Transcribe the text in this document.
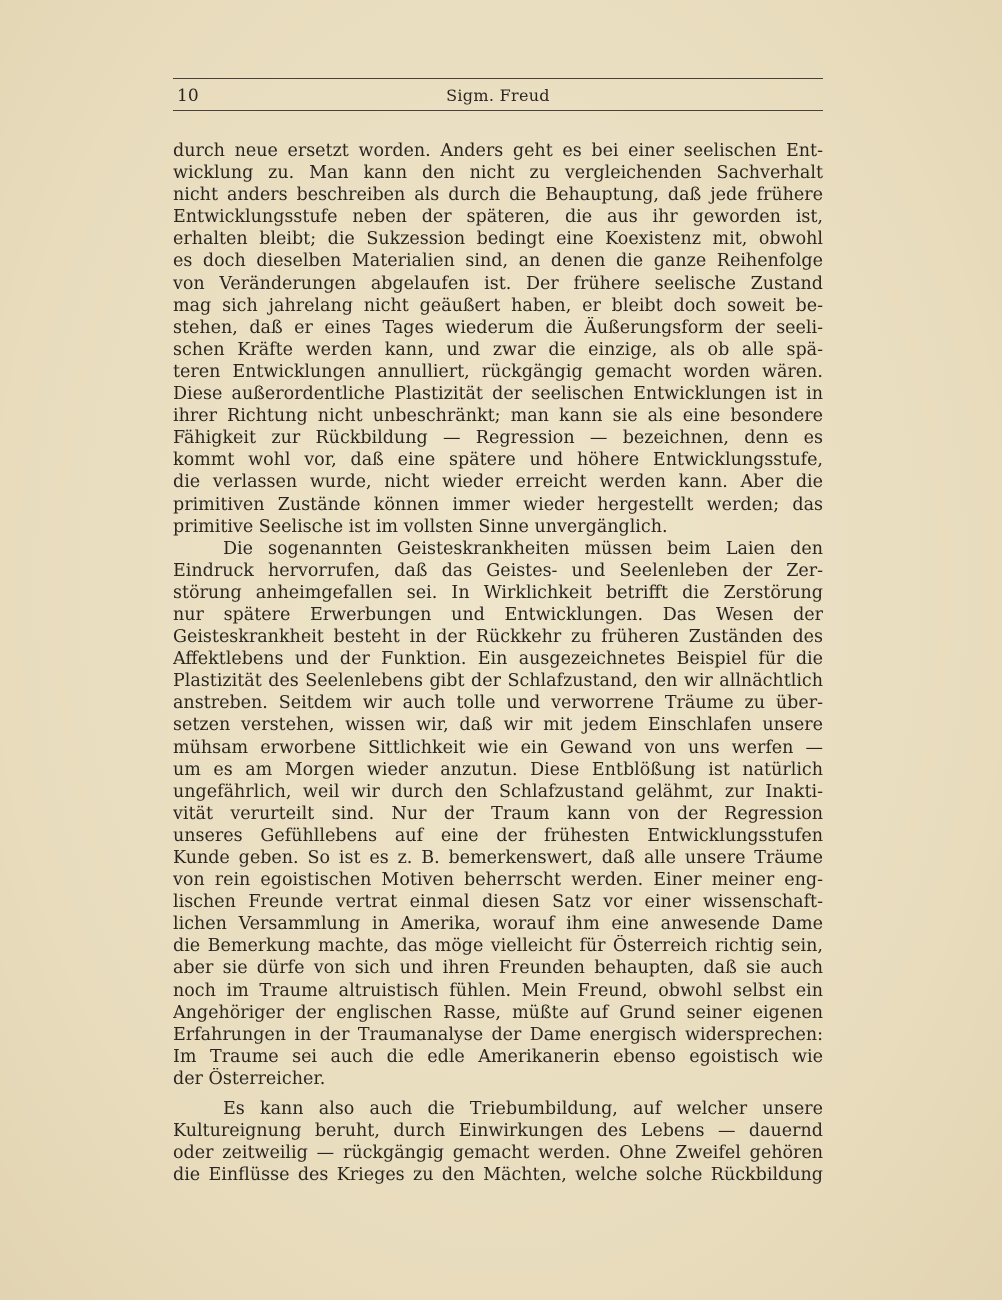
10	Sigm. Freud
durch neue ersetzt worden. Anders geht es bei einer seelischen Ent-
wicklung zu. Man kann den nicht zu vergleichenden Sachverhalt
nicht anders beschreiben als durch die Behauptung, daß jede frühere
Entwicklungsstufe neben der späteren, die aus ihr geworden ist,
erhalten bleibt; die Sukzession bedingt eine Koexistenz mit, obwohl
es doch dieselben Materialien sind, an denen die ganze Reihenfolge
von Veränderungen abgelaufen ist. Der frühere seelische Zustand
mag sich jahrelang nicht geäußert haben, er bleibt doch soweit be-
stehen, daß er eines Tages wiederum die Äußerungsform der seeli-
schen Kräfte werden kann, und zwar die einzige, als ob alle spä-
teren Entwicklungen annulliert, rückgängig gemacht worden wären.
Diese außerordentliche Plastizität der seelischen Entwicklungen ist in
ihrer Richtung nicht unbeschränkt; man kann sie als eine besondere
Fähigkeit zur Rückbildung — Regression — bezeichnen, denn es
kommt wohl vor, daß eine spätere und höhere Entwicklungsstufe,
die verlassen wurde, nicht wieder erreicht werden kann. Aber die
primitiven Zustände können immer wieder hergestellt werden; das
primitive Seelische ist im vollsten Sinne unvergänglich.
Die sogenannten Geisteskrankheiten müssen beim Laien den
Eindruck hervorrufen, daß das Geistes- und Seelenleben der Zer-
störung anheimgefallen sei. In Wirklichkeit betrifft die Zerstörung
nur spätere Erwerbungen und Entwicklungen. Das Wesen der
Geisteskrankheit besteht in der Rückkehr zu früheren Zuständen des
Affektlebens und der Funktion. Ein ausgezeichnetes Beispiel für die
Plastizität des Seelenlebens gibt der Schlafzustand, den wir allnächtlich
anstreben. Seitdem wir auch tolle und verworrene Träume zu über-
setzen verstehen, wissen wir, daß wir mit jedem Einschlafen unsere
mühsam erworbene Sittlichkeit wie ein Gewand von uns werfen —
um es am Morgen wieder anzutun. Diese Entblößung ist natürlich
ungefährlich, weil wir durch den Schlafzustand gelähmt, zur Inakti-
vität verurteilt sind. Nur der Traum kann von der Regression
unseres Gefühllebens auf eine der frühesten Entwicklungsstufen
Kunde geben. So ist es z. B. bemerkenswert, daß alle unsere Träume
von rein egoistischen Motiven beherrscht werden. Einer meiner eng-
lischen Freunde vertrat einmal diesen Satz vor einer wissenschaft-
lichen Versammlung in Amerika, worauf ihm eine anwesende Dame
die Bemerkung machte, das möge vielleicht für Österreich richtig sein,
aber sie dürfe von sich und ihren Freunden behaupten, daß sie auch
noch im Traume altruistisch fühlen. Mein Freund, obwohl selbst ein
Angehöriger der englischen Rasse, müßte auf Grund seiner eigenen
Erfahrungen in der Traumanalyse der Dame energisch widersprechen:
Im Traume sei auch die edle Amerikanerin ebenso egoistisch wie
der Österreicher.
Es kann also auch die Triebumbildung, auf welcher unsere
Kultureignung beruht, durch Einwirkungen des Lebens — dauernd
oder zeitweilig — rückgängig gemacht werden. Ohne Zweifel gehören
die Einflüsse des Krieges zu den Mächten, welche solche Rückbildung
